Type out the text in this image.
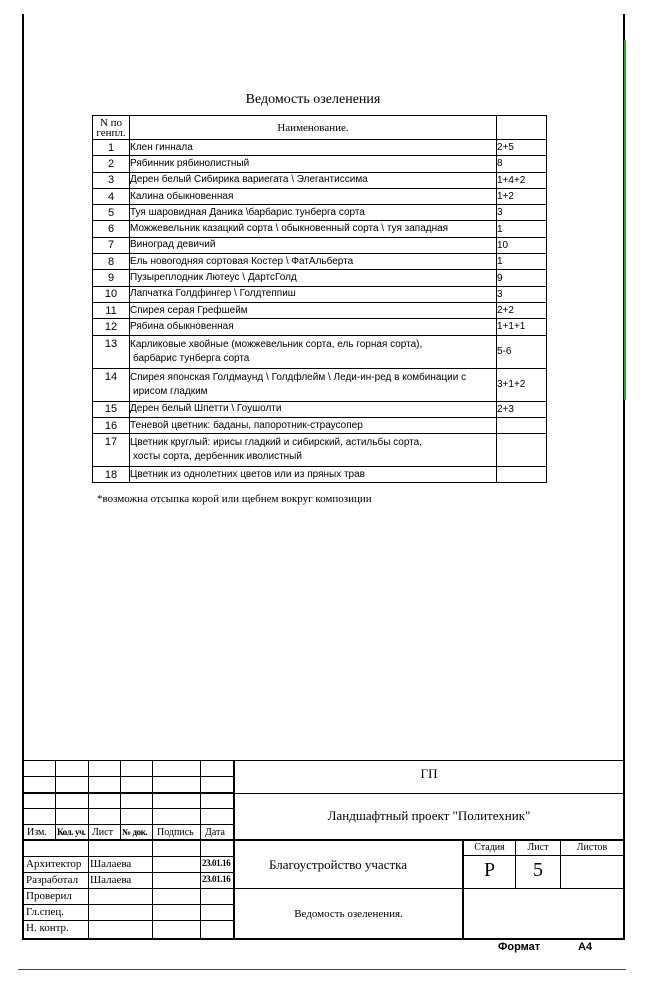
Ведомость озеленения
N по
генпл.	Наименование.	
1	Клен гиннала	2+5
2	Рябинник рябинолистный	8
3	Дерен белый Сибирика вариегата \ Элегантиссима	1+4+2
4	Калина обыкновенная	1+2
5	Туя шаровидная Даника \барбарис тунберга сорта	3
6	Можжевельник казацкий сорта \ обыкновенный сорта \ туя западная	1
7	Виноград девичий	10
8	Ель новогодняя сортовая Костер \ ФатАльберта	1
9	Пузыреплодник Лютеус \ ДартсГолд	9
10	Лапчатка Голдфингер \ Голдтеппиш	3
11	Спирея серая Грефшейм	2+2
12	Рябина обыкновенная	1+1+1
13	Карликовые хвойные (можжевельник сорта, ель горная сорта),
барбарис тунберга сорта	5-6
14	Спирея японская Голдмаунд \ Голдфлейм \ Леди-ин-ред в комбинации с
ирисом гладким	3+1+2
15	Дерен белый Шпетти \ Гоушолти	2+3
16	Теневой цветник: баданы, папоротник-страусопер	
17	Цветник круглый: ирисы гладкий и сибирский, астильбы сорта,
хосты сорта, дербенник иволистный	

18	Цветник из однолетних цветов или из пряных трав	
*возможна отсыпка корой или щебнем вокруг композиции
Изм. Кол. уч. Лист № док. Подпись Дата
Архитектор Шалаева	23.01.16
Разработал Шалаева	23.01.16
Проверил
Гл.спец.
Н. контр.
ГП
Ландшафтный проект "Политехник"
Благоустройство участка
Ведомость озеленения.
Стадия	Лист	Листов
Р	5
Формат	А4
